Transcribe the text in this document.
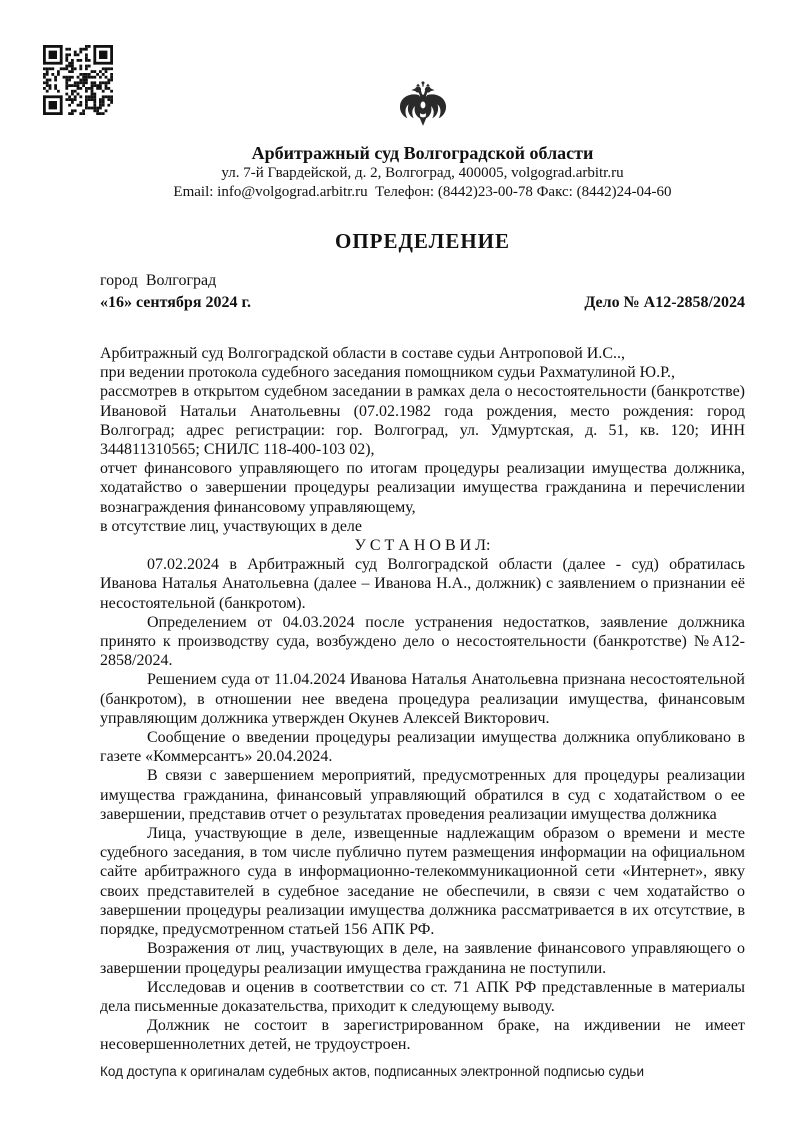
Арбитражный суд Волгоградской области
ул. 7-й Гвардейской, д. 2, Волгоград, 400005, volgograd.arbitr.ru
Email: info@volgograd.arbitr.ru  Телефон: (8442)23-00-78 Факс: (8442)24-04-60
ОПРЕДЕЛЕНИЕ
город  Волгоград
«16» сентября 2024 г.	Дело № А12-2858/2024

Арбитражный суд Волгоградской области в составе судьи Антроповой И.С..,

при ведении протокола судебного заседания помощником судьи Рахматулиной Ю.Р.,

рассмотрев в открытом судебном заседании в рамках дела о несостоятельности (банкротстве) Ивановой Натальи Анатольевны (07.02.1982 года рождения, место рождения: город Волгоград; адрес регистрации: гор. Волгоград, ул. Удмуртская, д. 51, кв. 120; ИНН 344811310565; СНИЛС 118-400-103 02),

отчет финансового управляющего по итогам процедуры реализации имущества должника, ходатайство о завершении процедуры реализации имущества гражданина и перечислении вознаграждения финансовому управляющему,

в отсутствие лиц, участвующих в деле

У С Т А Н О В И Л:

07.02.2024 в Арбитражный суд Волгоградской области (далее - суд) обратилась Иванова Наталья Анатольевна (далее – Иванова Н.А., должник) с заявлением о признании её несостоятельной (банкротом).

Определением от 04.03.2024 после устранения недостатков, заявление должника принято к производству суда, возбуждено дело о несостоятельности (банкротстве) №А12-2858/2024.

Решением суда от 11.04.2024 Иванова Наталья Анатольевна признана несостоятельной (банкротом), в отношении нее введена процедура реализации имущества, финансовым управляющим должника утвержден Окунев Алексей Викторович.

Сообщение о введении процедуры реализации имущества должника опубликовано в газете «Коммерсантъ» 20.04.2024.

В связи с завершением мероприятий, предусмотренных для процедуры реализации имущества гражданина, финансовый управляющий обратился в суд с ходатайством о ее завершении, представив отчет о результатах проведения реализации имущества должника

Лица, участвующие в деле, извещенные надлежащим образом о времени и месте судебного заседания, в том числе публично путем размещения информации на официальном сайте арбитражного суда в информационно-телекоммуникационной сети «Интернет», явку своих представителей в судебное заседание не обеспечили, в связи с чем ходатайство о завершении процедуры реализации имущества должника рассматривается в их отсутствие, в порядке, предусмотренном статьей 156 АПК РФ.

Возражения от лиц, участвующих в деле, на заявление финансового управляющего о завершении процедуры реализации имущества гражданина не поступили.

Исследовав и оценив в соответствии со ст. 71 АПК РФ представленные в материалы дела письменные доказательства, приходит к следующему выводу.

Должник не состоит в зарегистрированном браке, на иждивении не имеет несовершеннолетних детей, не трудоустроен.

Код доступа к оригиналам судебных актов, подписанных электронной подписью судьи
